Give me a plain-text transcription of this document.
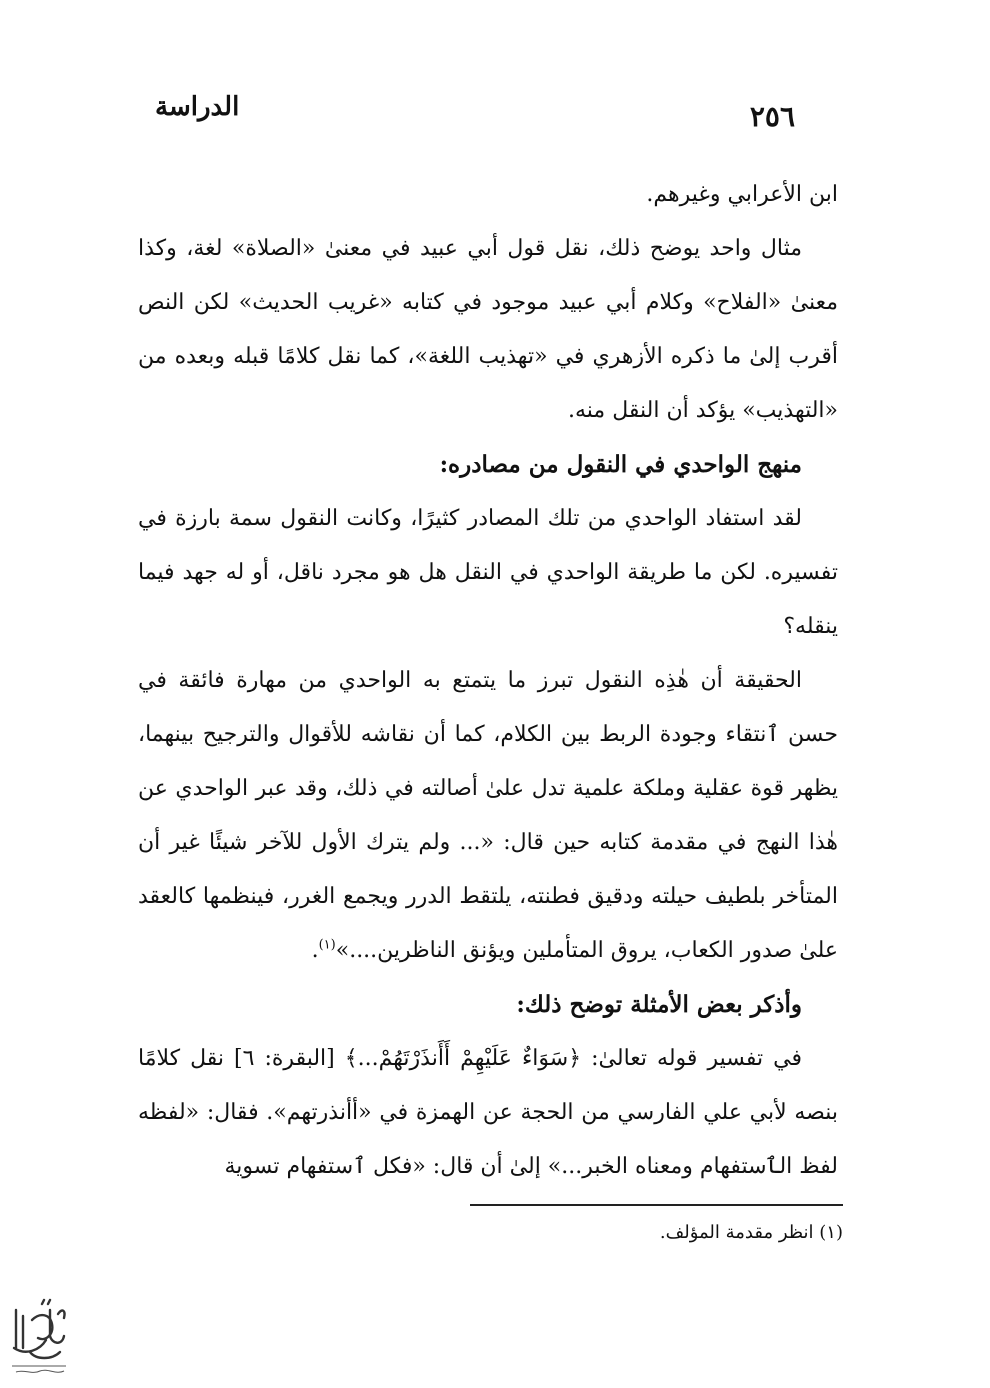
٢٥٦
الدراسة

ابن الأعرابي وغيرهم.

مثال واحد يوضح ذلك، نقل قول أبي عبيد في معنىٰ «الصلاة» لغة، وكذا معنىٰ «الفلاح» وكلام أبي عبيد موجود في كتابه «غريب الحديث» لكن النص أقرب إلىٰ ما ذكره الأزهري في «تهذيب اللغة»، كما نقل كلامًا قبله وبعده من «التهذيب» يؤكد أن النقل منه.

منهج الواحدي في النقول من مصادره:

لقد استفاد الواحدي من تلك المصادر كثيرًا، وكانت النقول سمة بارزة في تفسيره. لكن ما طريقة الواحدي في النقل هل هو مجرد ناقل، أو له جهد فيما ينقله؟

الحقيقة أن هٰذِه النقول تبرز ما يتمتع به الواحدي من مهارة فائقة في حسن ٱنتقاء وجودة الربط بين الكلام، كما أن نقاشه للأقوال والترجيح بينهما، يظهر قوة عقلية وملكة علمية تدل علىٰ أصالته في ذلك، وقد عبر الواحدي عن هٰذا النهج في مقدمة كتابه حين قال: «... ولم يترك الأول للآخر شيئًا غير أن المتأخر بلطيف حيلته ودقيق فطنته، يلتقط الدرر ويجمع الغرر، فينظمها كالعقد علىٰ صدور الكعاب، يروق المتأملين ويؤنق الناظرين....»$^{(١)}$.

وأذكر بعض الأمثلة توضح ذلك:

في تفسير قوله تعالىٰ: ﴿سَوَاءٌ عَلَيْهِمْ أَأَنذَرْتَهُمْ...﴾ [البقرة: ٦] نقل كلامًا بنصه لأبي علي الفارسي من الحجة عن الهمزة في «أأنذرتهم». فقال: «لفظه لفظ الٱستفهام ومعناه الخبر...» إلىٰ أن قال: «فكل ٱستفهام تسوية

(١) انظر مقدمة المؤلف.
